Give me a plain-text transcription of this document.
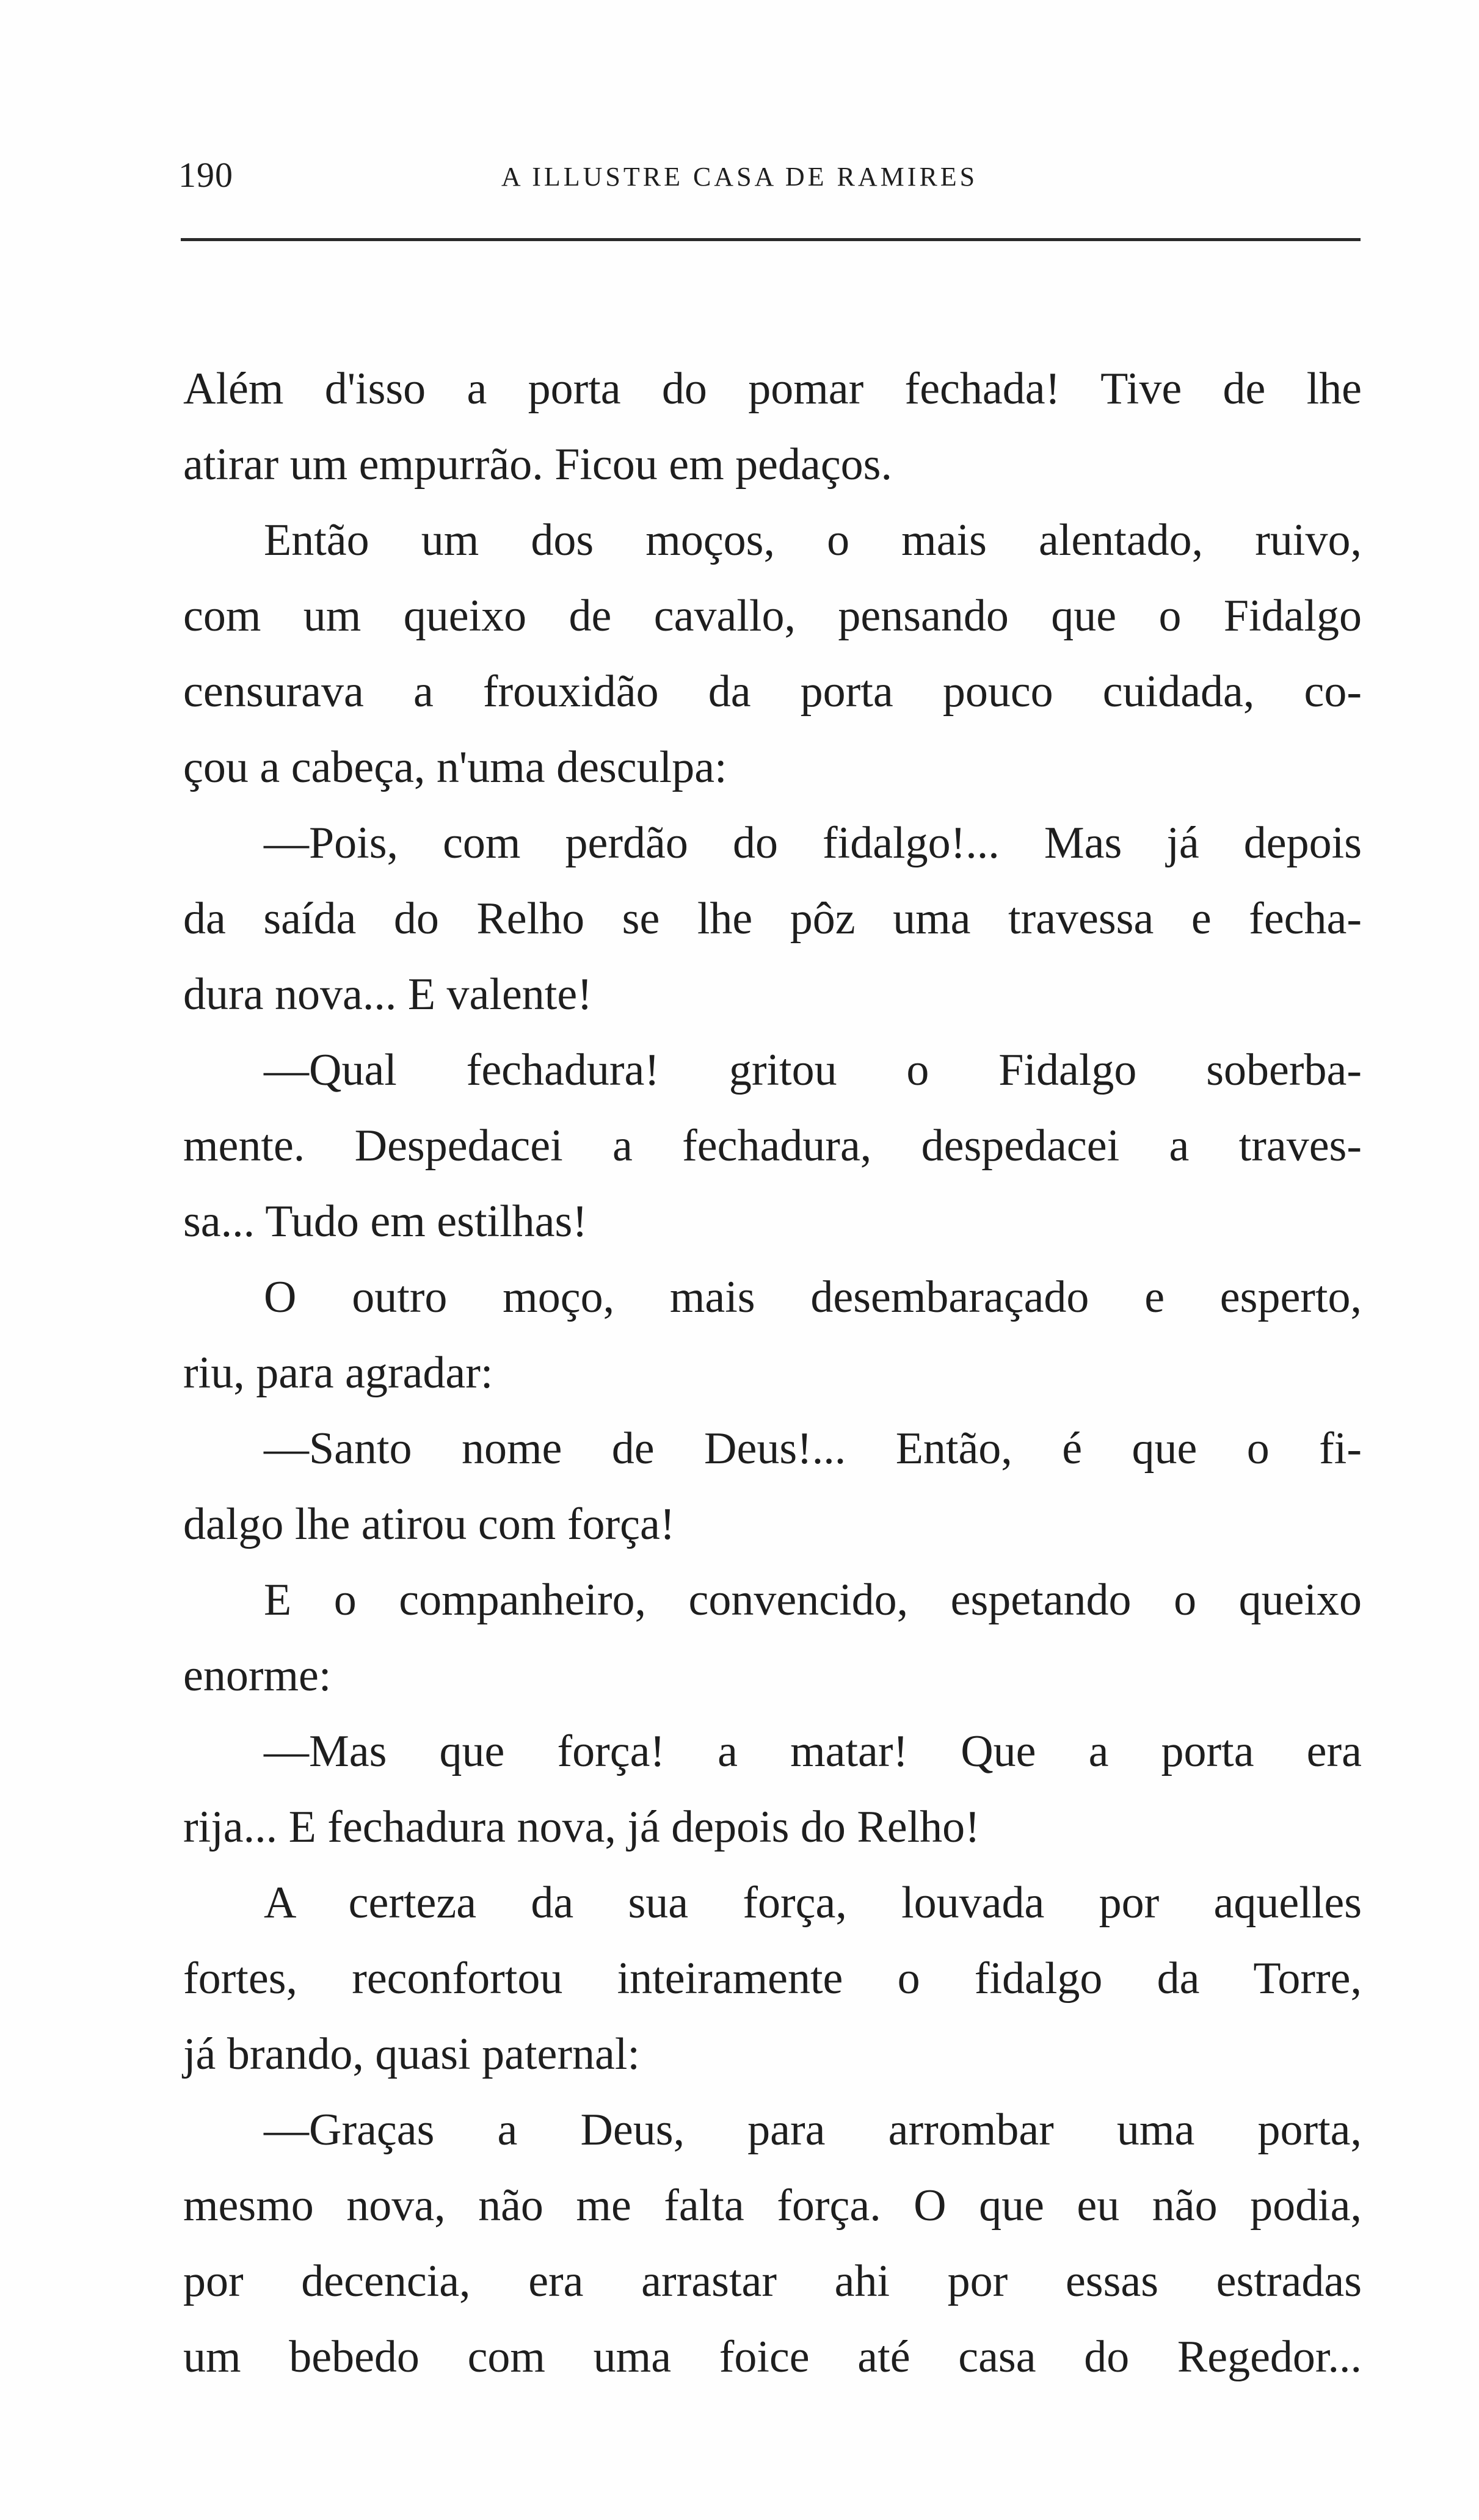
190	A ILLUSTRE CASA DE RAMIRES
Além d'isso a porta do pomar fechada! Tive de lhe
atirar um empurrão. Ficou em pedaços.
Então um dos moços, o mais alentado, ruivo,
com um queixo de cavallo, pensando que o Fidalgo
censurava a frouxidão da porta pouco cuidada, co-
çou a cabeça, n'uma desculpa:
—Pois, com perdão do fidalgo!... Mas já depois
da saída do Relho se lhe pôz uma travessa e fecha-
dura nova... E valente!
—Qual fechadura! gritou o Fidalgo soberba-
mente. Despedacei a fechadura, despedacei a traves-
sa... Tudo em estilhas!
O outro moço, mais desembaraçado e esperto,
riu, para agradar:
—Santo nome de Deus!... Então, é que o fi-
dalgo lhe atirou com força!
E o companheiro, convencido, espetando o queixo
enorme:
—Mas que força! a matar! Que a porta era
rija... E fechadura nova, já depois do Relho!
A certeza da sua força, louvada por aquelles
fortes, reconfortou inteiramente o fidalgo da Torre,
já brando, quasi paternal:
—Graças a Deus, para arrombar uma porta,
mesmo nova, não me falta força. O que eu não podia,
por decencia, era arrastar ahi por essas estradas
um bebedo com uma foice até casa do Regedor...
